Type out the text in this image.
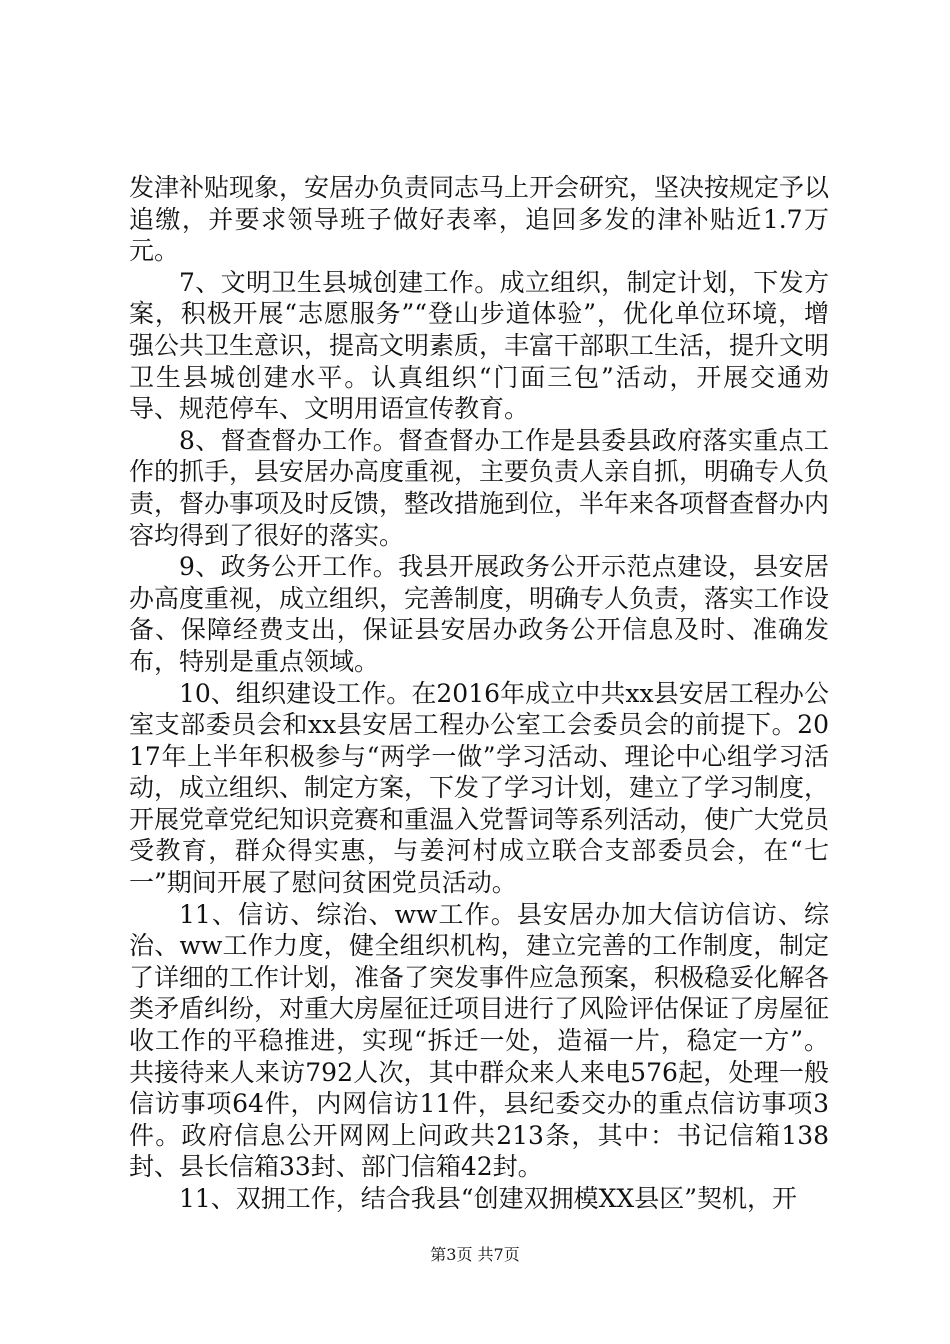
发津补贴现象，安居办负责同志马上开会研究，坚决按规定予以追缴，并要求领导班子做好表率，追回多发的津补贴近1.7万元。

7、文明卫生县城创建工作。成立组织，制定计划，下发方案，积极开展“志愿服务”“登山步道体验”，优化单位环境，增强公共卫生意识，提高文明素质，丰富干部职工生活，提升文明卫生县城创建水平。认真组织“门面三包”活动，开展交通劝导、规范停车、文明用语宣传教育。

8、督查督办工作。督查督办工作是县委县政府落实重点工作的抓手，县安居办高度重视，主要负责人亲自抓，明确专人负责，督办事项及时反馈，整改措施到位，半年来各项督查督办内容均得到了很好的落实。

9、政务公开工作。我县开展政务公开示范点建设，县安居办高度重视，成立组织，完善制度，明确专人负责，落实工作设备、保障经费支出，保证县安居办政务公开信息及时、准确发布，特别是重点领域。

10、组织建设工作。在2016年成立中共xx县安居工程办公室支部委员会和xx县安居工程办公室工会委员会的前提下。2017年上半年积极参与“两学一做”学习活动、理论中心组学习活动，成立组织、制定方案，下发了学习计划，建立了学习制度，开展党章党纪知识竞赛和重温入党誓词等系列活动，使广大党员受教育，群众得实惠，与姜河村成立联合支部委员会，在“七一”期间开展了慰问贫困党员活动。

11、信访、综治、ww工作。县安居办加大信访信访、综治、ww工作力度，健全组织机构，建立完善的工作制度，制定了详细的工作计划，准备了突发事件应急预案，积极稳妥化解各类矛盾纠纷，对重大房屋征迁项目进行了风险评估保证了房屋征收工作的平稳推进，实现“拆迁一处，造福一片，稳定一方”。共接待来人来访792人次，其中群众来人来电576起，处理一般信访事项64件，内网信访11件，县纪委交办的重点信访事项3件。政府信息公开网网上问政共213条，其中：书记信箱138封、县长信箱33封、部门信箱42封。

11、双拥工作，结合我县“创建双拥模XX县区”契机，开

第3页 共7页
